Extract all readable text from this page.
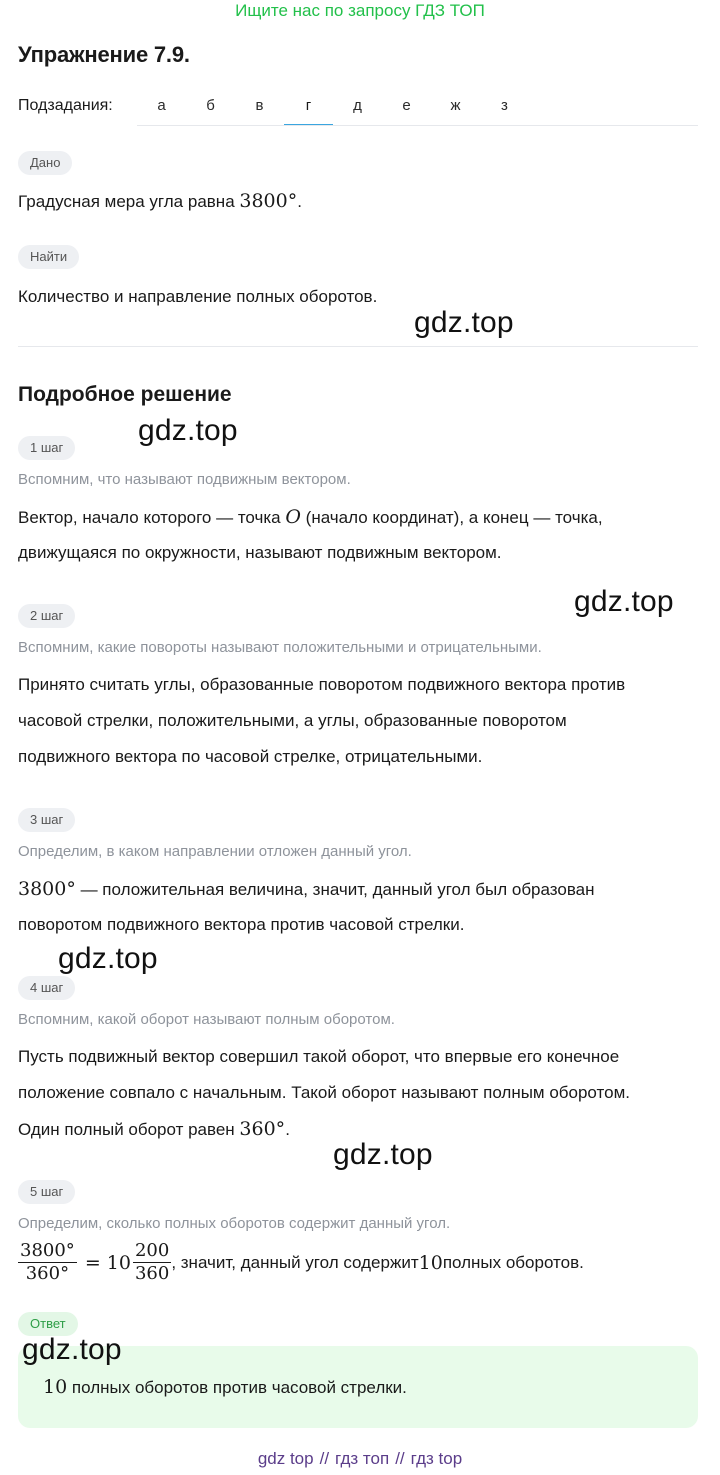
Ищите нас по запросу ГДЗ ТОП
Упражнение 7.9.
Подзадания:	а	б	в	г	д	е	ж	з
Дано
Градусная мера угла равна 3800°.
Найти
Количество и направление полных оборотов.
gdz.top
Подробное решение
1 шаг
gdz.top
Вспомним, что называют подвижным вектором.
Вектор, начало которого — точка O (начало координат), а конец — точка,
движущаяся по окружности, называют подвижным вектором.
gdz.top
2 шаг
Вспомним, какие повороты называют положительными и отрицательными.
Принято считать углы, образованные поворотом подвижного вектора против
часовой стрелки, положительными, а углы, образованные поворотом
подвижного вектора по часовой стрелке, отрицательными.
3 шаг
Определим, в каком направлении отложен данный угол.
3800° — положительная величина, значит, данный угол был образован
поворотом подвижного вектора против часовой стрелки.
gdz.top
4 шаг
Вспомним, какой оборот называют полным оборотом.
Пусть подвижный вектор совершил такой оборот, что впервые его конечное
положение совпало с начальным. Такой оборот называют полным оборотом.
Один полный оборот равен 360°.
gdz.top
5 шаг
Определим, сколько полных оборотов содержит данный угол.
$\frac{3800^\circ}{360^\circ} = 10 \frac{200}{360}$ , значит, данный угол содержит 10 полных оборотов.
Ответ
gdz.top
10 полных оборотов против часовой стрелки.
gdz top // гдз топ // гдз top
